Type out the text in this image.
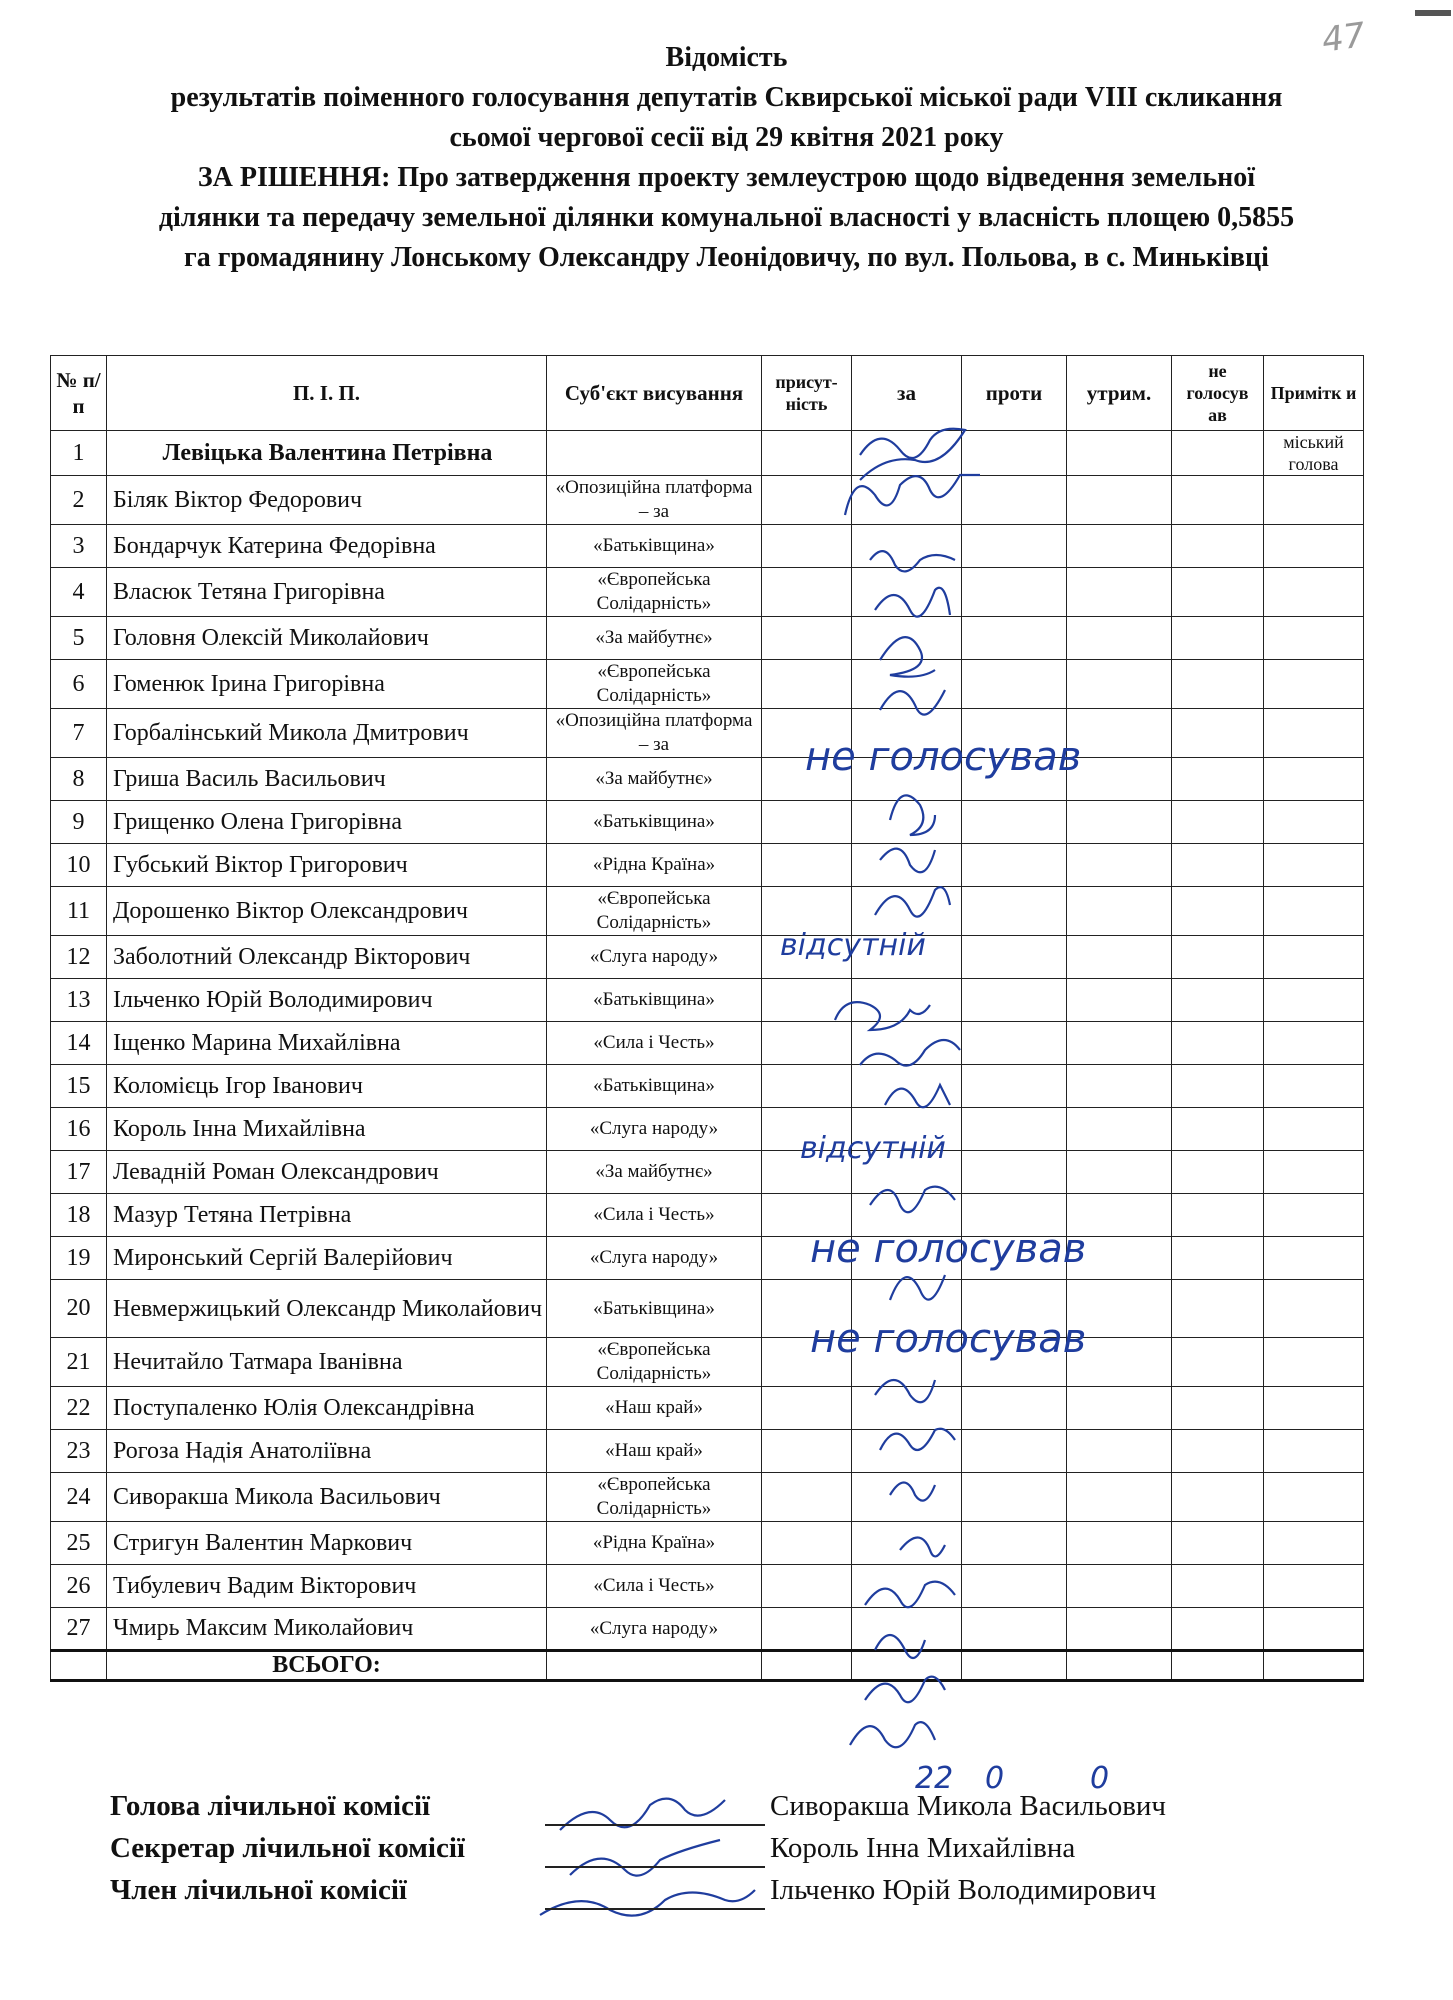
47
Відомість
результатів поіменного голосування депутатів Сквирської міської ради VIII скликання
сьомої чергової сесії від 29 квітня 2021 року
ЗА РІШЕННЯ: Про затвердження проекту землеустрою щодо відведення земельної
ділянки та передачу земельної ділянки комунальної власності у власність площею 0,5855
га громадянину Лонському Олександру Леонідовичу, по вул. Польова, в с. Миньківці
№ п/п	П. І. П.	Суб'єкт висування	присут-ність	за	проти	утрим.	не голосув ав	Примітк и
1	Левіцька Валентина Петрівна							міський голова
2	Біляк Віктор Федорович	«Опозиційна платформа – за						
3	Бондарчук Катерина Федорівна	«Батьківщина»						
4	Власюк Тетяна Григорівна	«Європейська Солідарність»						
5	Головня Олексій Миколайович	«За майбутнє»						
6	Гоменюк Ірина Григорівна	«Європейська Солідарність»						
7	Горбалінський Микола Дмитрович	«Опозиційна платформа – за						
8	Гриша Василь Васильович	«За майбутнє»						
9	Грищенко Олена Григорівна	«Батьківщина»						
10	Губський Віктор Григорович	«Рідна Країна»						
11	Дорошенко Віктор Олександрович	«Європейська Солідарність»						
12	Заболотний Олександр Вікторович	«Слуга народу»						
13	Ільченко Юрій Володимирович	«Батьківщина»						
14	Іщенко Марина Михайлівна	«Сила і Честь»						
15	Коломієць Ігор Іванович	«Батьківщина»						
16	Король Інна Михайлівна	«Слуга народу»						
17	Левадній Роман Олександрович	«За майбутнє»						
18	Мазур Тетяна Петрівна	«Сила і Честь»						
19	Миронський Сергій Валерійович	«Слуга народу»						
20	Невмержицький Олександр Миколайович	«Батьківщина»						
21	Нечитайло Татмара Іванівна	«Європейська Солідарність»						
22	Поступаленко Юлія Олександрівна	«Наш край»						
23	Рогоза Надія Анатоліївна	«Наш край»						
24	Сиворакша Микола Васильович	«Європейська Солідарність»						
25	Стригун Валентин Маркович	«Рідна Країна»						
26	Тибулевич Вадим Вікторович	«Сила і Честь»						
27	Чмирь Максим Миколайович	«Слуга народу»						
	ВСЬОГО:							
не голосував
відсутній
відсутній
не голосував
не голосував
22 0	0
Голова лічильної комісії	Сиворакша Микола Васильович
Секретар лічильної комісії	Король Інна Михайлівна
Член лічильної комісії	Ільченко Юрій Володимирович
